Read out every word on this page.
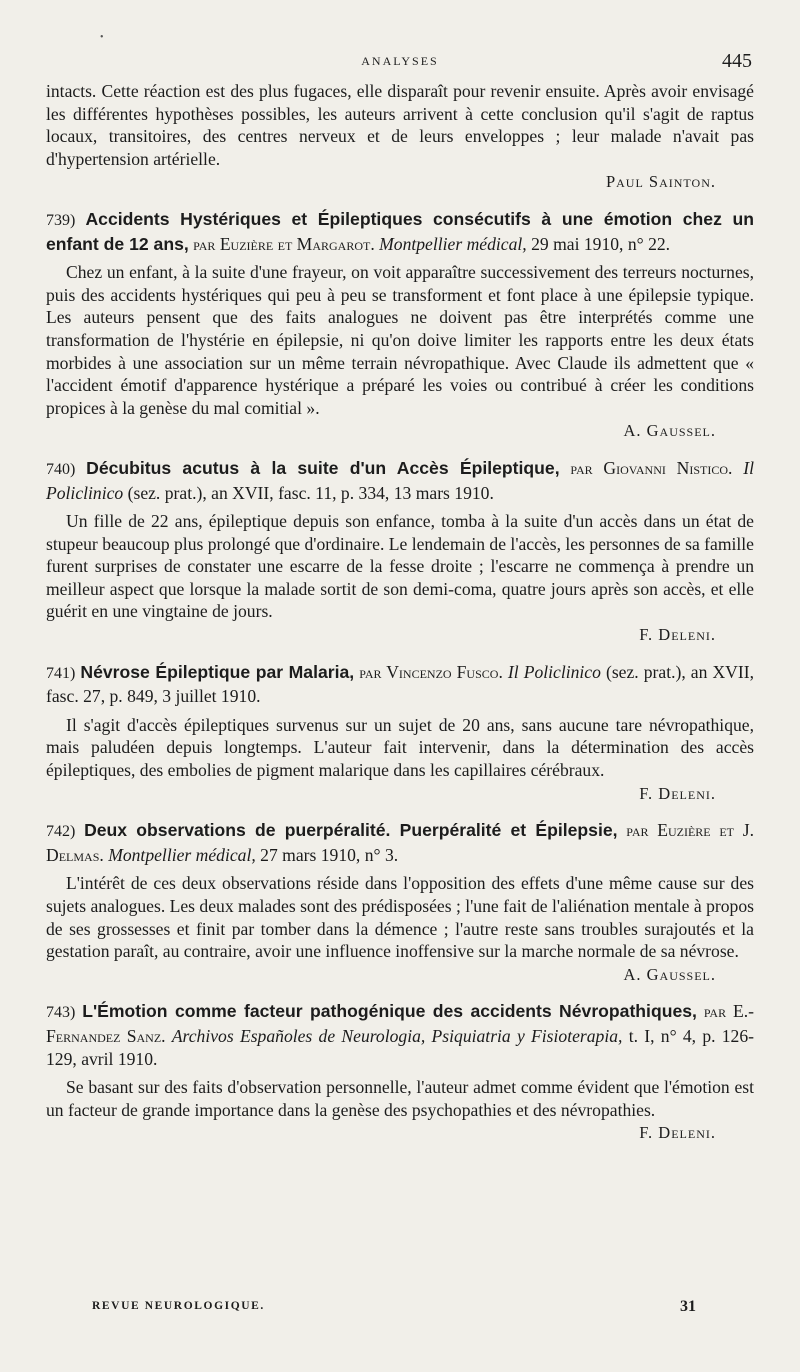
•
ANALYSES	445

intacts. Cette réaction est des plus fugaces, elle disparaît pour revenir ensuite. Après avoir envisagé les différentes hypothèses possibles, les auteurs arrivent à cette conclusion qu'il s'agit de raptus locaux, transitoires, des centres nerveux et de leurs enveloppes ; leur malade n'avait pas d'hypertension artérielle.

Paul Sainton.

739) Accidents Hystériques et Épileptiques consécutifs à une émotion chez un enfant de 12 ans, par Euzière et Margarot. Montpellier médical, 29 mai 1910, n° 22.

Chez un enfant, à la suite d'une frayeur, on voit apparaître successivement des terreurs nocturnes, puis des accidents hystériques qui peu à peu se transforment et font place à une épilepsie typique. Les auteurs pensent que des faits analogues ne doivent pas être interprétés comme une transformation de l'hystérie en épilepsie, ni qu'on doive limiter les rapports entre les deux états morbides à une association sur un même terrain névropathique. Avec Claude ils admettent que « l'accident émotif d'apparence hystérique a préparé les voies ou contribué à créer les conditions propices à la genèse du mal comitial ».

A. Gaussel.

740) Décubitus acutus à la suite d'un Accès Épileptique, par Giovanni Nistico. Il Policlinico (sez. prat.), an XVII, fasc. 11, p. 334, 13 mars 1910.

Un fille de 22 ans, épileptique depuis son enfance, tomba à la suite d'un accès dans un état de stupeur beaucoup plus prolongé que d'ordinaire. Le lendemain de l'accès, les personnes de sa famille furent surprises de constater une escarre de la fesse droite ; l'escarre ne commença à prendre un meilleur aspect que lorsque la malade sortit de son demi-coma, quatre jours après son accès, et elle guérit en une vingtaine de jours.

F. Deleni.

741) Névrose Épileptique par Malaria, par Vincenzo Fusco. Il Policlinico (sez. prat.), an XVII, fasc. 27, p. 849, 3 juillet 1910.

Il s'agit d'accès épileptiques survenus sur un sujet de 20 ans, sans aucune tare névropathique, mais paludéen depuis longtemps. L'auteur fait intervenir, dans la détermination des accès épileptiques, des embolies de pigment malarique dans les capillaires cérébraux.

F. Deleni.

742) Deux observations de puerpéralité. Puerpéralité et Épilepsie, par Euzière et J. Delmas. Montpellier médical, 27 mars 1910, n° 3.

L'intérêt de ces deux observations réside dans l'opposition des effets d'une même cause sur des sujets analogues. Les deux malades sont des prédisposées ; l'une fait de l'aliénation mentale à propos de ses grossesses et finit par tomber dans la démence ; l'autre reste sans troubles surajoutés et la gestation paraît, au contraire, avoir une influence inoffensive sur la marche normale de sa névrose.

A. Gaussel.

743) L'Émotion comme facteur pathogénique des accidents Névropathiques, par E.-Fernandez Sanz. Archivos Españoles de Neurologia, Psiquiatria y Fisioterapia, t. I, n° 4, p. 126-129, avril 1910.

Se basant sur des faits d'observation personnelle, l'auteur admet comme évident que l'émotion est un facteur de grande importance dans la genèse des psychopathies et des névropathies.

F. Deleni.
REVUE NEUROLOGIQUE.	31
